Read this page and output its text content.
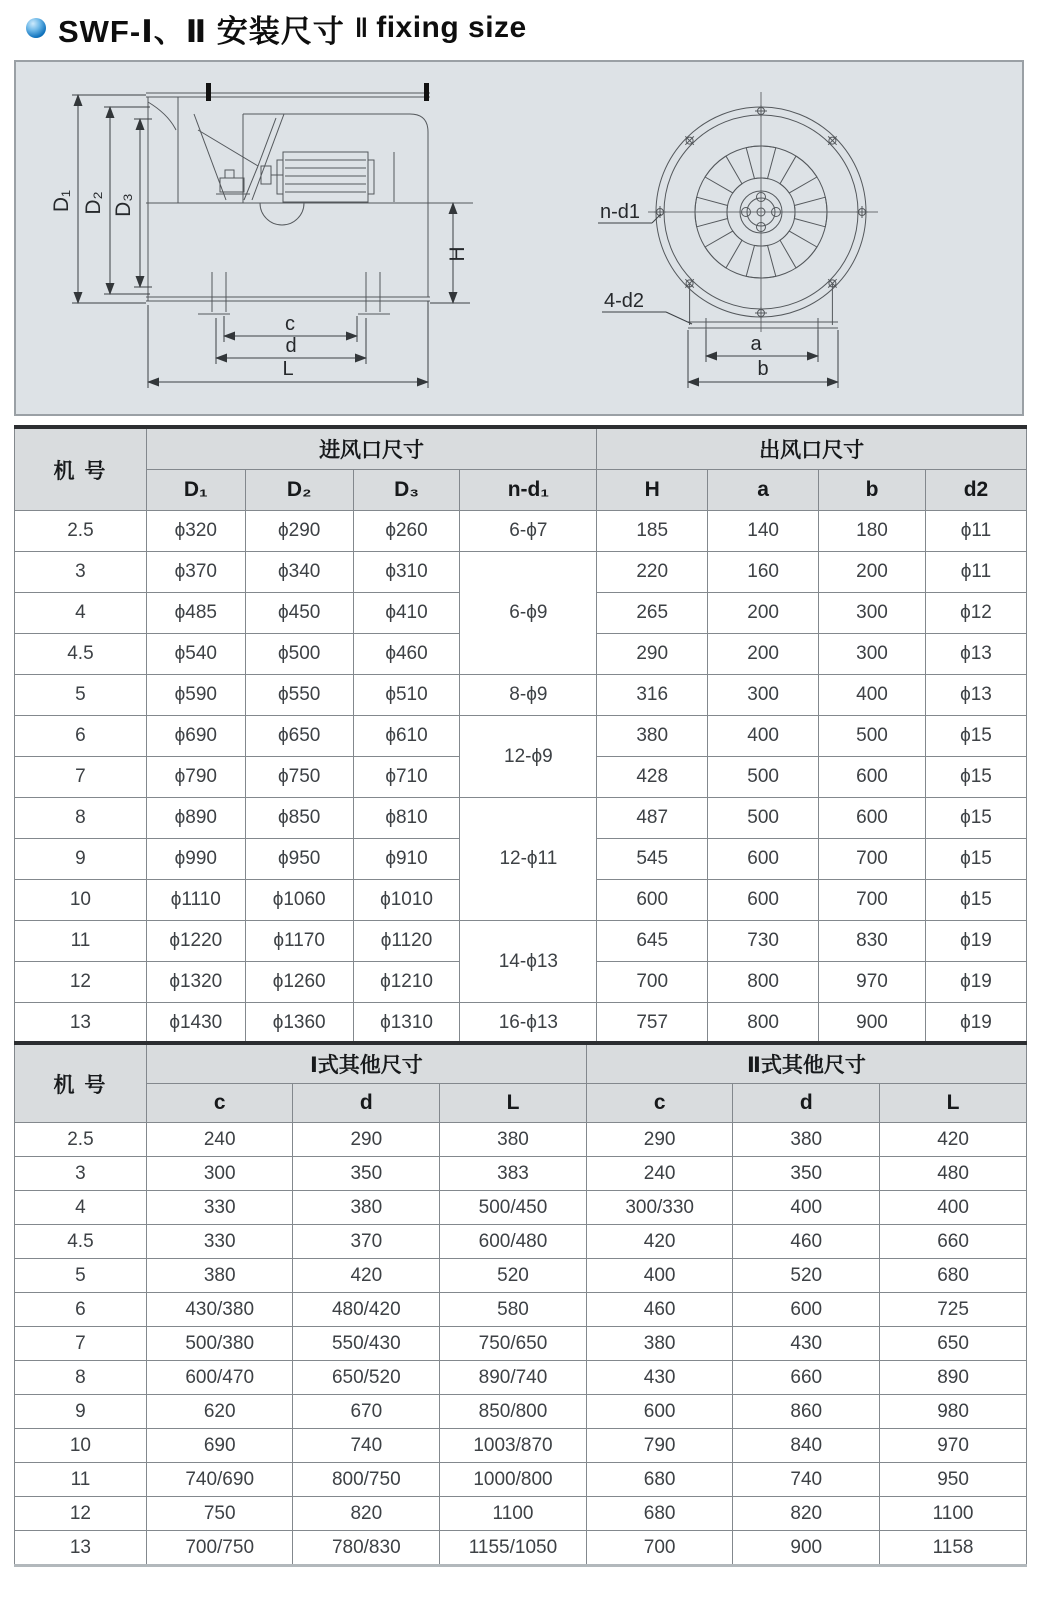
SWF-Ⅰ、Ⅱ 安装尺寸 ‖ fixing size
D₁ D₂ D₃
H
c
d
L
n-d1
4-d2
a
b
机 号	进风口尺寸				出风口尺寸			
	D₁	D₂	D₃	n-d₁	H	a	b	d2
2.5	ϕ320	ϕ290	ϕ260	6-ϕ7	185	140	180	ϕ11
3	ϕ370	ϕ340	ϕ310	6-ϕ9	220	160	200	ϕ11
4	ϕ485	ϕ450	ϕ410		265	200	300	ϕ12
4.5	ϕ540	ϕ500	ϕ460		290	200	300	ϕ13
5	ϕ590	ϕ550	ϕ510	8-ϕ9	316	300	400	ϕ13
6	ϕ690	ϕ650	ϕ610	12-ϕ9	380	400	500	ϕ15
7	ϕ790	ϕ750	ϕ710		428	500	600	ϕ15
8	ϕ890	ϕ850	ϕ810	12-ϕ11	487	500	600	ϕ15
9	ϕ990	ϕ950	ϕ910		545	600	700	ϕ15
10	ϕ1110	ϕ1060	ϕ1010		600	600	700	ϕ15
11	ϕ1220	ϕ1170	ϕ1120	14-ϕ13	645	730	830	ϕ19
12	ϕ1320	ϕ1260	ϕ1210		700	800	970	ϕ19
13	ϕ1430	ϕ1360	ϕ1310	16-ϕ13	757	800	900	ϕ19
机 号	Ⅰ式其他尺寸			Ⅱ式其他尺寸		
	c	d	L	c	d	L
2.5	240	290	380	290	380	420
3	300	350	383	240	350	480
4	330	380	500/450	300/330	400	400
4.5	330	370	600/480	420	460	660
5	380	420	520	400	520	680
6	430/380	480/420	580	460	600	725
7	500/380	550/430	750/650	380	430	650
8	600/470	650/520	890/740	430	660	890
9	620	670	850/800	600	860	980
10	690	740	1003/870	790	840	970
11	740/690	800/750	1000/800	680	740	950
12	750	820	1100	680	820	1100
13	700/750	780/830	1155/1050	700	900	1158
